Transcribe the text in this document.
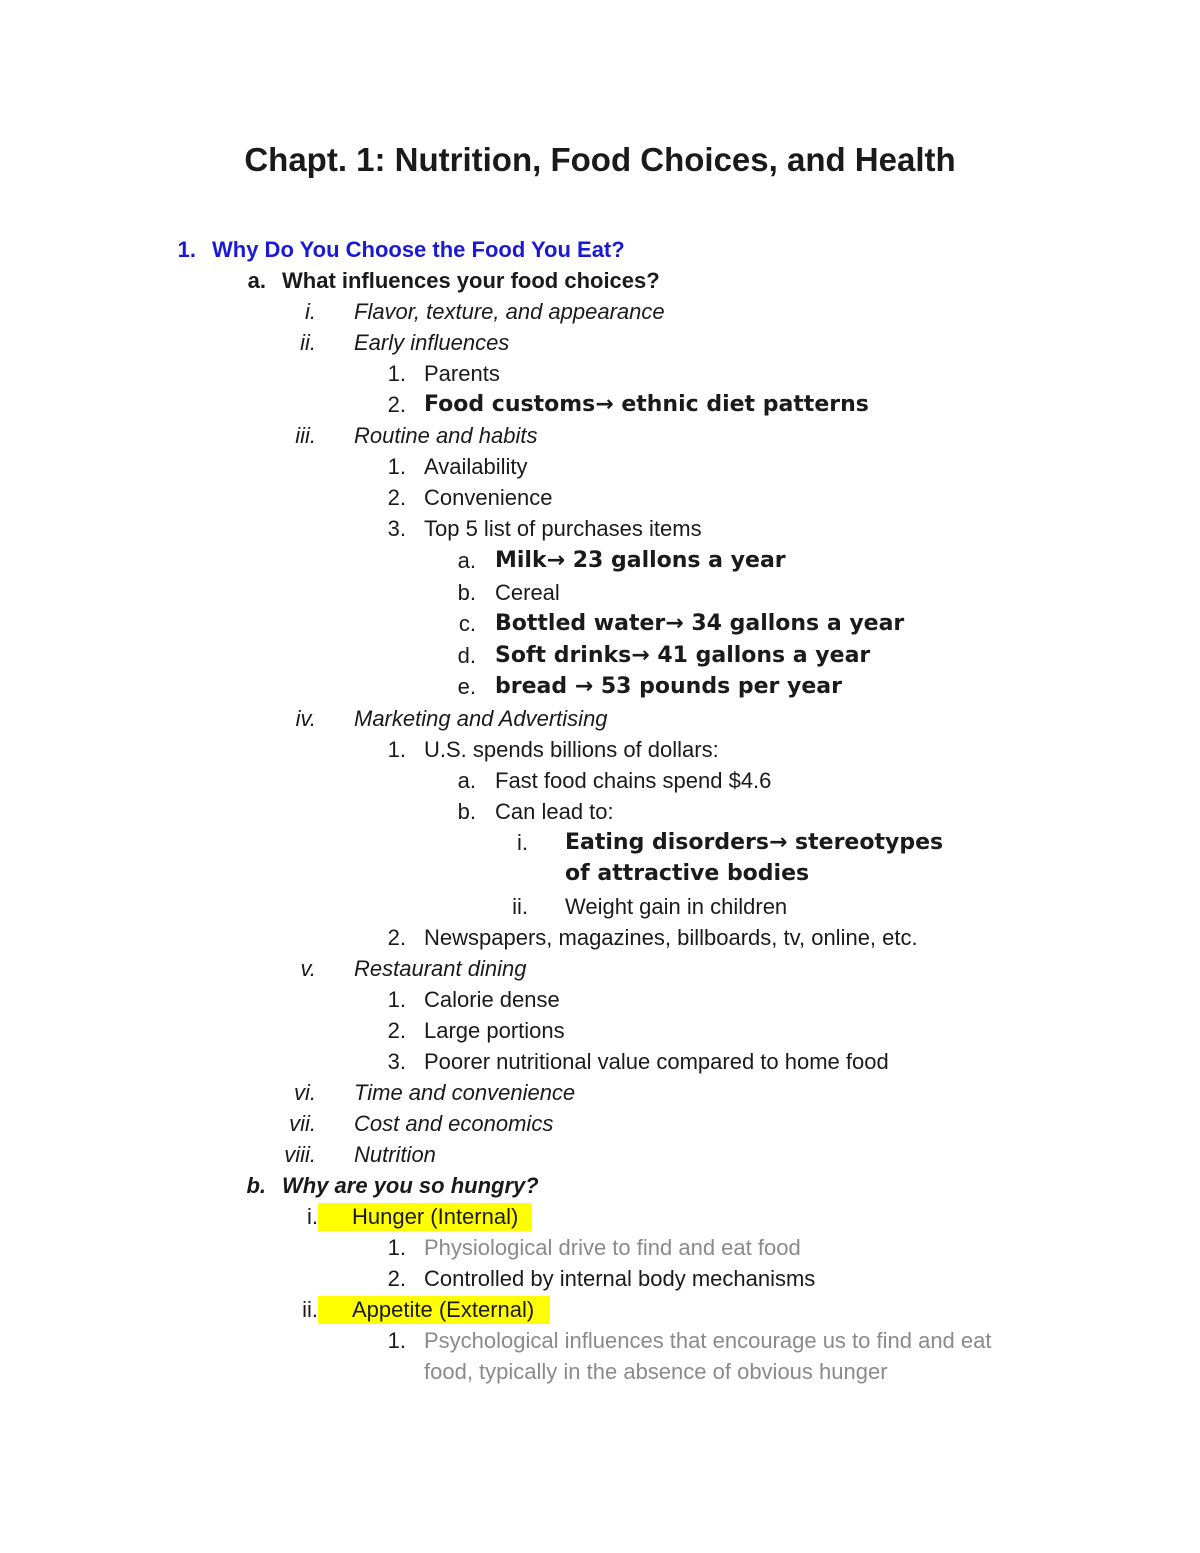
Chapt. 1: Nutrition, Food Choices, and Health
1. Why Do You Choose the Food You Eat?
a. What influences your food choices?
i. Flavor, texture, and appearance
ii. Early influences
1. Parents
2. Food customs→ ethnic diet patterns
iii. Routine and habits
1. Availability
2. Convenience
3. Top 5 list of purchases items
a. Milk→ 23 gallons a year
b. Cereal
c. Bottled water→ 34 gallons a year
d. Soft drinks→ 41 gallons a year
e. bread → 53 pounds per year
iv. Marketing and Advertising
1. U.S. spends billions of dollars:
a. Fast food chains spend $4.6
b. Can lead to:
i. Eating disorders→ stereotypes of attractive bodies
ii. Weight gain in children
2. Newspapers, magazines, billboards, tv, online, etc.
v. Restaurant dining
1. Calorie dense
2. Large portions
3. Poorer nutritional value compared to home food
vi. Time and convenience
vii. Cost and economics
viii. Nutrition
b. Why are you so hungry?
i. Hunger (Internal)
1. Physiological drive to find and eat food
2. Controlled by internal body mechanisms
ii. Appetite (External)
1. Psychological influences that encourage us to find and eat food, typically in the absence of obvious hunger
